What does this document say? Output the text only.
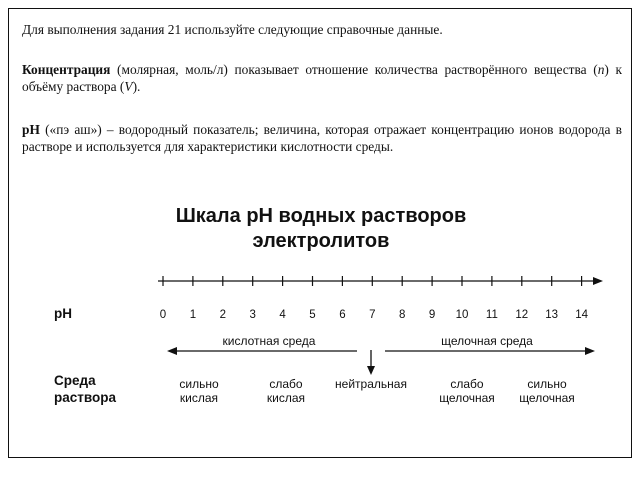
Для выполнения задания 21 используйте следующие справочные данные.

Концентрация (молярная, моль/л) показывает отношение количества растворённого вещества (n) к объёму раствора (V).

pH («пэ аш») – водородный показатель; величина, которая отражает концентрацию ионов водорода в растворе и используется для характеристики кислотности среды.

Шкала pH водных растворов
электролитов
pH
Среда
раствора
0	1	2	3	4	5	6	7	8	9	10	11	12	13	14
кислотная среда	щелочная среда
сильно
кислая
слабо
кислая
нейтральная	слабо
щелочная
сильно
щелочная
